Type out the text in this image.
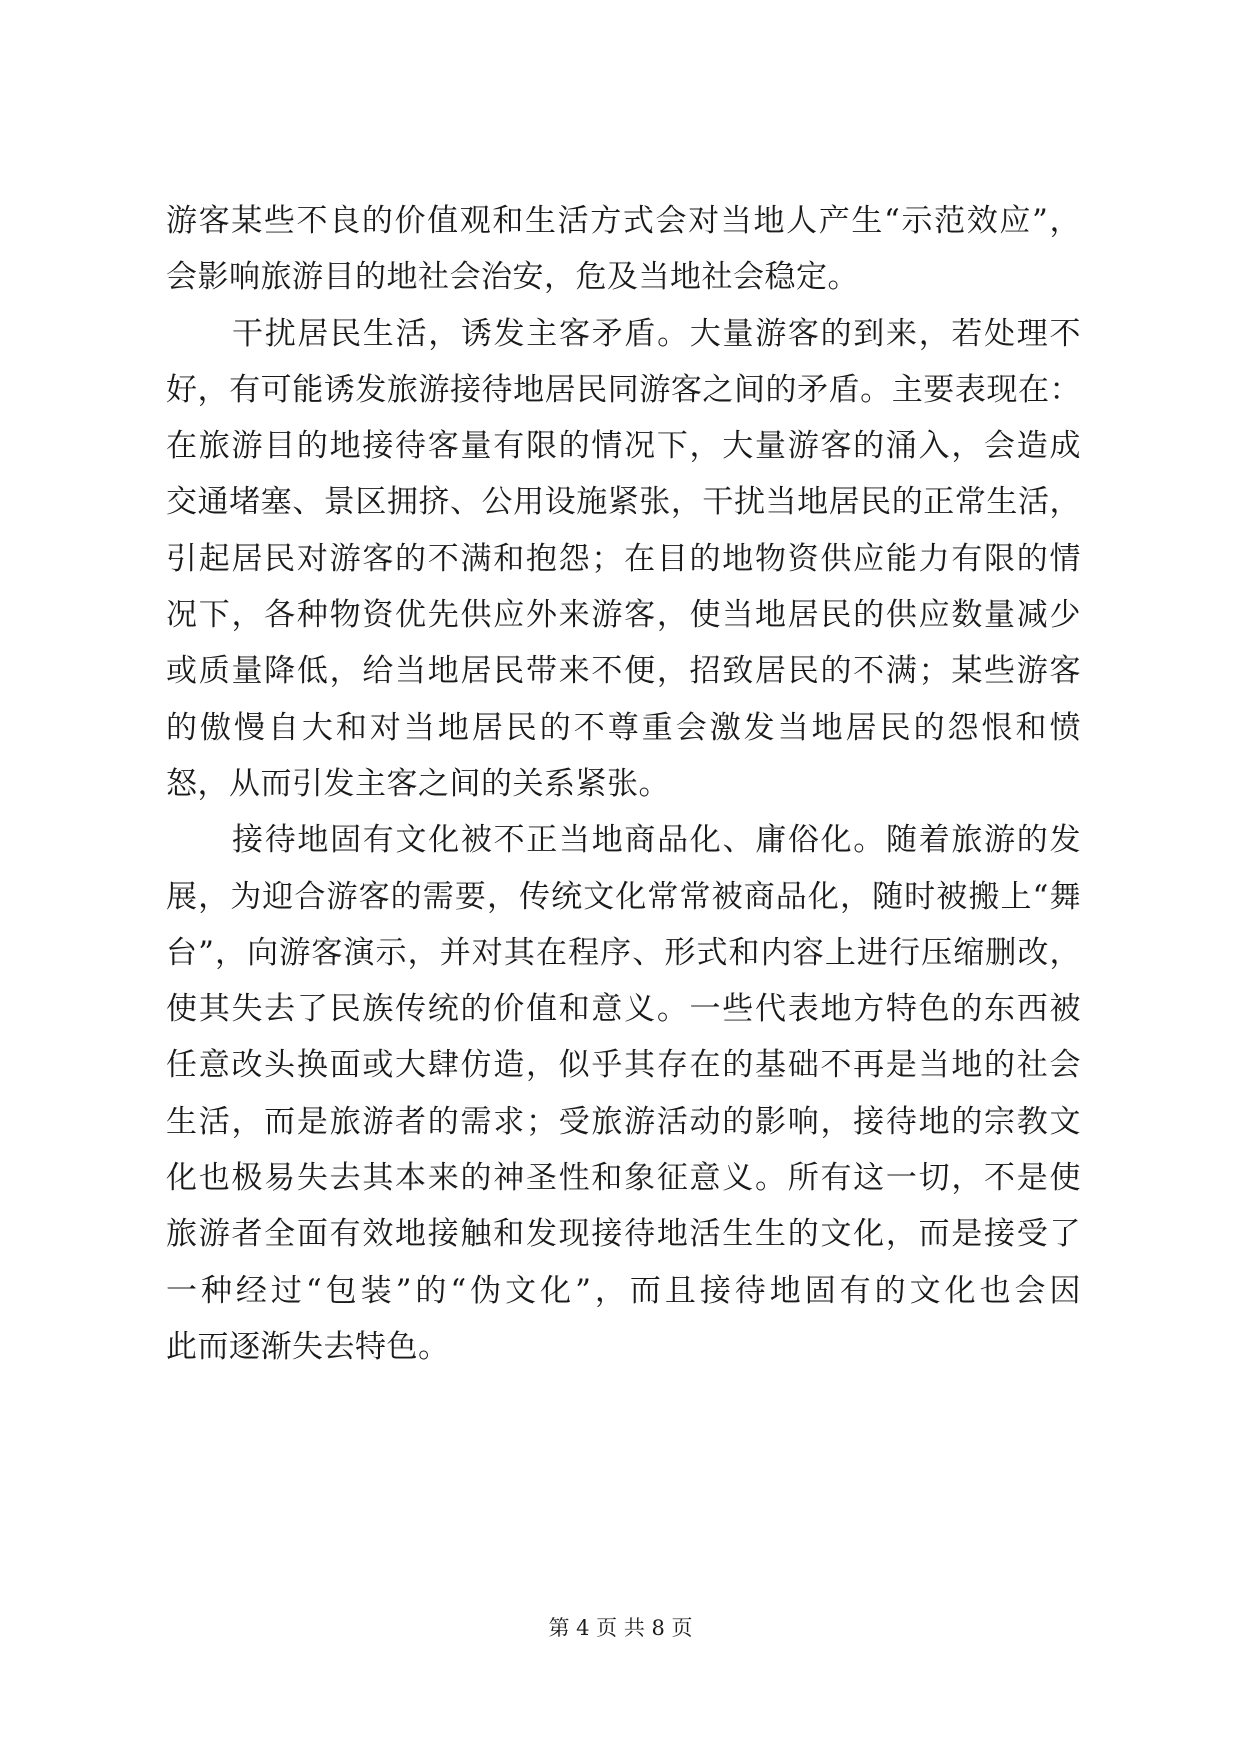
游客某些不良的价值观和生活方式会对当地人产生“示范效应”，
会影响旅游目的地社会治安，危及当地社会稳定。
干扰居民生活，诱发主客矛盾。大量游客的到来，若处理不
好，有可能诱发旅游接待地居民同游客之间的矛盾。主要表现在：
在旅游目的地接待客量有限的情况下，大量游客的涌入，会造成
交通堵塞、景区拥挤、公用设施紧张，干扰当地居民的正常生活，
引起居民对游客的不满和抱怨；在目的地物资供应能力有限的情
况下，各种物资优先供应外来游客，使当地居民的供应数量减少
或质量降低，给当地居民带来不便，招致居民的不满；某些游客
的傲慢自大和对当地居民的不尊重会激发当地居民的怨恨和愤
怒，从而引发主客之间的关系紧张。
接待地固有文化被不正当地商品化、庸俗化。随着旅游的发
展，为迎合游客的需要，传统文化常常被商品化，随时被搬上“舞
台”，向游客演示，并对其在程序、形式和内容上进行压缩删改，
使其失去了民族传统的价值和意义。一些代表地方特色的东西被
任意改头换面或大肆仿造，似乎其存在的基础不再是当地的社会
生活，而是旅游者的需求；受旅游活动的影响，接待地的宗教文
化也极易失去其本来的神圣性和象征意义。所有这一切，不是使
旅游者全面有效地接触和发现接待地活生生的文化，而是接受了
一种经过“包装”的“伪文化”，而且接待地固有的文化也会因
此而逐渐失去特色。
第 4 页 共 8 页
